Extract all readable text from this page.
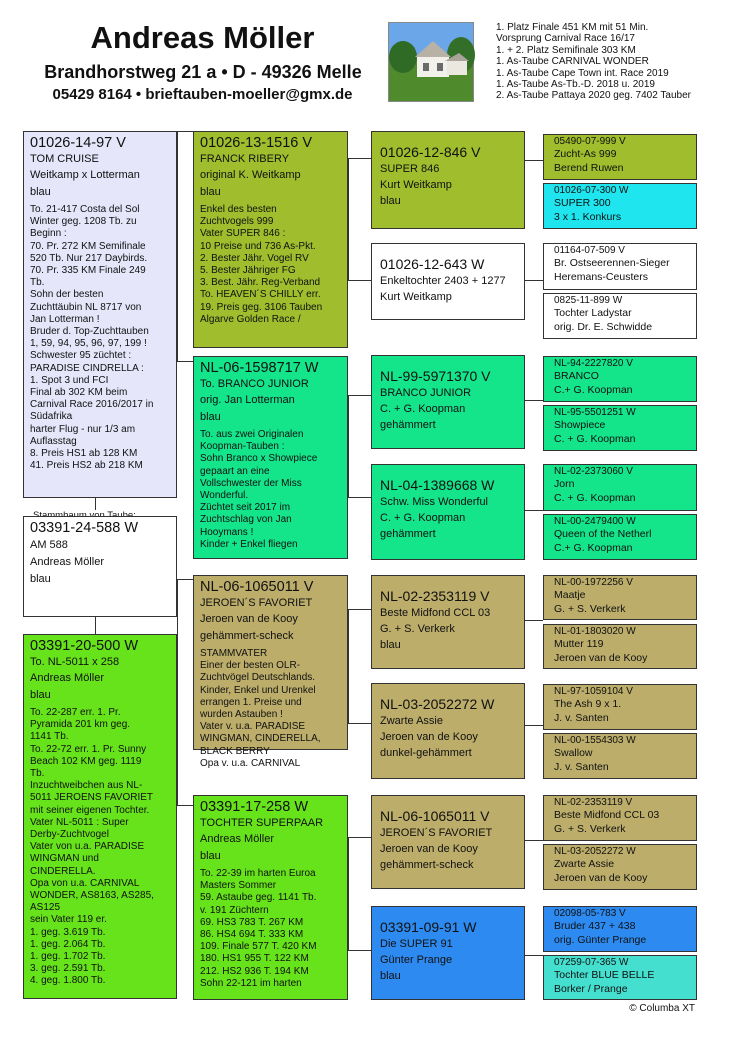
Andreas Möller
Brandhorstweg 21 a • D - 49326 Melle
05429 8164 • brieftauben-moeller@gmx.de
1. Platz Finale 451 KM mit 51 Min.
Vorsprung Carnival Race 16/17
1. + 2. Platz Semifinale 303 KM
1. As-Taube CARNIVAL WONDER
1. As-Taube Cape Town int. Race 2019
1. As-Taube As-Tb.-D. 2018 u. 2019
2. As-Taube Pattaya 2020 geg. 7402 Tauber
01026-14-97 V
TOM CRUISE
Weitkamp x Lotterman
blau
To. 21-417 Costa del Sol
Winter geg. 1208 Tb. zu
Beginn :
70. Pr. 272 KM Semifinale
520 Tb. Nur 217 Daybirds.
70. Pr. 335 KM Finale 249
Tb.
Sohn der besten
Zuchttäubin NL 8717 von
Jan Lotterman !
Bruder d. Top-Zuchttauben
1, 59, 94, 95, 96, 97, 199 !
Schwester 95 züchtet :
PARADISE CINDRELLA :
1. Spot 3 und FCI
Final ab 302 KM beim
Carnival Race 2016/2017 in
Südafrika
harter Flug - nur 1/3 am
Auflasstag
8. Preis HS1 ab 128 KM
41. Preis HS2 ab 218 KM
03391-24-588 W
AM 588
Andreas Möller
blau
03391-20-500 W
To. NL-5011 x 258
Andreas Möller
blau
To. 22-287 err. 1. Pr.
Pyramida 201 km geg.
1141 Tb.
To. 22-72 err. 1. Pr. Sunny
Beach 102 KM geg. 1119
Tb.
Inzuchtweibchen aus NL-
5011 JEROENS FAVORIET
mit seiner eigenen Tochter.
Vater NL-5011 : Super
Derby-Zuchtvogel
Vater von u.a. PARADISE
WINGMAN und
CINDERELLA.
Opa von u.a. CARNIVAL
WONDER, AS8163, AS285,
AS125
sein Vater 119 er.
1. geg. 3.619 Tb.
1. geg. 2.064 Tb.
1. geg. 1.702 Tb.
3. geg. 2.591 Tb.
4. geg. 1.800 Tb.
01026-13-1516 V
FRANCK RIBERY
original K. Weitkamp
blau
Enkel des besten
Zuchtvogels 999
Vater SUPER 846 :
10 Preise und 736 As-Pkt.
2. Bester Jähr. Vogel RV
5. Bester Jähriger FG
3. Best. Jähr. Reg-Verband
To. HEAVEN´S CHILLY err.
19. Preis geg. 3106 Tauben
Algarve Golden Race /
NL-06-1598717 W
To. BRANCO JUNIOR
orig. Jan Lotterman
blau
To. aus zwei Originalen
Koopman-Tauben :
Sohn Branco x Showpiece
gepaart an eine
Vollschwester der Miss
Wonderful.
Züchtet seit 2017 im
Zuchtschlag von Jan
Hooymans !
Kinder + Enkel fliegen
NL-06-1065011 V
JEROEN´S FAVORIET
Jeroen van de Kooy
gehämmert-scheck
STAMMVATER
Einer der besten OLR-
Zuchtvögel Deutschlands.
Kinder, Enkel und Urenkel
errangen 1. Preise und
wurden Astauben !
Vater v. u.a. PARADISE
WINGMAN, CINDERELLA,
BLACK BERRY
Opa v. u.a. CARNIVAL
03391-17-258 W
TOCHTER SUPERPAAR
Andreas Möller
blau
To. 22-39 im harten Euroa
Masters Sommer
59. Astaube geg. 1141 Tb.
v. 191 Züchtern
69. HS3 783 T. 267 KM
86. HS4 694 T. 333 KM
109. Finale 577 T. 420 KM
180. HS1 955 T. 122 KM
212. HS2 936 T. 194 KM
Sohn 22-121 im harten
01026-12-846 V
SUPER 846
Kurt Weitkamp
blau
01026-12-643 W
Enkeltochter 2403 + 1277
Kurt Weitkamp
NL-99-5971370 V
BRANCO JUNIOR
C. + G. Koopman
gehämmert
NL-04-1389668 W
Schw. Miss Wonderful
C. + G. Koopman
gehämmert
NL-02-2353119 V
Beste Midfond CCL 03
G. + S. Verkerk
blau
NL-03-2052272 W
Zwarte Assie
Jeroen van de Kooy
dunkel-gehämmert
NL-06-1065011 V
JEROEN´S FAVORIET
Jeroen van de Kooy
gehämmert-scheck
03391-09-91 W
Die SUPER 91
Günter Prange
blau
05490-07-999 V
Zucht-As 999
Berend Ruwen
01026-07-300 W
SUPER 300
3 x 1. Konkurs
01164-07-509 V
Br. Ostseerennen-Sieger
Heremans-Ceusters
0825-11-899 W
Tochter Ladystar
orig. Dr. E. Schwidde
NL-94-2227820 V
BRANCO
C.+ G. Koopman
NL-95-5501251 W
Showpiece
C. + G. Koopman
NL-02-2373060 V
Jorn
C. + G. Koopman
NL-00-2479400 W
Queen of the Netherl
C.+ G. Koopman
NL-00-1972256 V
Maatje
G. + S. Verkerk
NL-01-1803020 W
Mutter 119
Jeroen van de Kooy
NL-97-1059104 V
The Ash 9 x 1.
J. v. Santen
NL-00-1554303 W
Swallow
J. v. Santen
NL-02-2353119 V
Beste Midfond CCL 03
G. + S. Verkerk
NL-03-2052272 W
Zwarte Assie
Jeroen van de Kooy
02098-05-783 V
Bruder 437 + 438
orig. Günter Prange
07259-07-365 W
Tochter BLUE BELLE
Borker / Prange
© Columba XT
